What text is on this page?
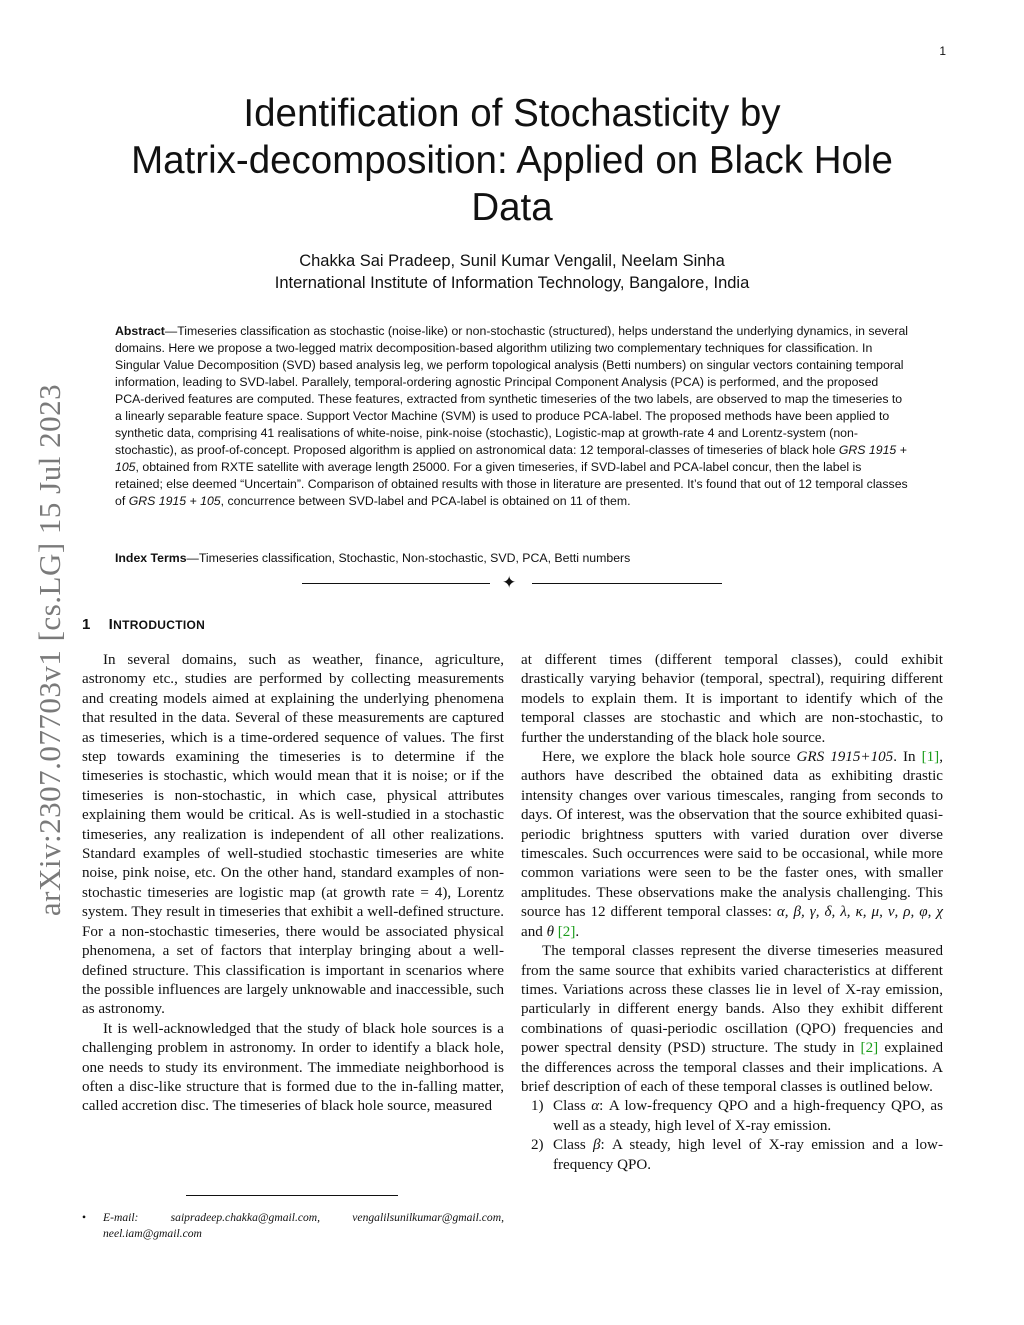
1
arXiv:2307.07703v1 [cs.LG] 15 Jul 2023
Identification of Stochasticity by
Matrix-decomposition: Applied on Black Hole
Data
Chakka Sai Pradeep, Sunil Kumar Vengalil, Neelam Sinha
International Institute of Information Technology, Bangalore, India
Abstract—Timeseries classification as stochastic (noise-like) or non-stochastic (structured), helps understand the underlying dynamics, in several domains. Here we propose a two-legged matrix decomposition-based algorithm utilizing two complementary techniques for classification. In Singular Value Decomposition (SVD) based analysis leg, we perform topological analysis (Betti numbers) on singular vectors containing temporal information, leading to SVD-label. Parallely, temporal-ordering agnostic Principal Component Analysis (PCA) is performed, and the proposed PCA-derived features are computed. These features, extracted from synthetic timeseries of the two labels, are observed to map the timeseries to a linearly separable feature space. Support Vector Machine (SVM) is used to produce PCA-label. The proposed methods have been applied to synthetic data, comprising 41 realisations of white-noise, pink-noise (stochastic), Logistic-map at growth-rate 4 and Lorentz-system (non-stochastic), as proof-of-concept. Proposed algorithm is applied on astronomical data: 12 temporal-classes of timeseries of black hole GRS 1915 + 105, obtained from RXTE satellite with average length 25000. For a given timeseries, if SVD-label and PCA-label concur, then the label is retained; else deemed “Uncertain”. Comparison of obtained results with those in literature are presented. It’s found that out of 12 temporal classes of GRS 1915 + 105, concurrence between SVD-label and PCA-label is obtained on 11 of them.
Index Terms—Timeseries classification, Stochastic, Non-stochastic, SVD, PCA, Betti numbers
✦
1 INTRODUCTION

In several domains, such as weather, finance, agriculture, astronomy etc., studies are performed by collecting measurements and creating models aimed at explaining the underlying phenomena that resulted in the data. Several of these measurements are captured as timeseries, which is a time-ordered sequence of values. The first step towards examining the timeseries is to determine if the timeseries is stochastic, which would mean that it is noise; or if the timeseries is non-stochastic, in which case, physical attributes explaining them would be critical. As is well-studied in a stochastic timeseries, any realization is independent of all other realizations. Standard examples of well-studied stochastic timeseries are white noise, pink noise, etc. On the other hand, standard examples of non-stochastic timeseries are logistic map (at growth rate = 4), Lorentz system. They result in timeseries that exhibit a well-defined structure. For a non-stochastic timeseries, there would be associated physical phenomena, a set of factors that interplay bringing about a well-defined structure. This classification is important in scenarios where the possible influences are largely unknowable and inaccessible, such as astronomy.

It is well-acknowledged that the study of black hole sources is a challenging problem in astronomy. In order to identify a black hole, one needs to study its environment. The immediate neighborhood is often a disc-like structure that is formed due to the in-falling matter, called accretion disc. The timeseries of black hole source, measured

• E-mail: saipradeep.chakka@gmail.com, vengalilsunilkumar@gmail.com, neel.iam@gmail.com

at different times (different temporal classes), could exhibit drastically varying behavior (temporal, spectral), requiring different models to explain them. It is important to identify which of the temporal classes are stochastic and which are non-stochastic, to further the understanding of the black hole source.

Here, we explore the black hole source GRS 1915+105. In [1], authors have described the obtained data as exhibiting drastic intensity changes over various timescales, ranging from seconds to days. Of interest, was the observation that the source exhibited quasi-periodic brightness sputters with varied duration over diverse timescales. Such occurrences were said to be occasional, while more common variations were seen to be the faster ones, with smaller amplitudes. These observations make the analysis challenging. This source has 12 different temporal classes: α, β, γ, δ, λ, κ, μ, ν, ρ, φ, χ and θ [2].

The temporal classes represent the diverse timeseries measured from the same source that exhibits varied characteristics at different times. Variations across these classes lie in level of X-ray emission, particularly in different energy bands. Also they exhibit different combinations of quasi-periodic oscillation (QPO) frequencies and power spectral density (PSD) structure. The study in [2] explained the differences across the temporal classes and their implications. A brief description of each of these temporal classes is outlined below.

1) Class α: A low-frequency QPO and a high-frequency QPO, as well as a steady, high level of X-ray emission.
2) Class β: A steady, high level of X-ray emission and a low-frequency QPO.
